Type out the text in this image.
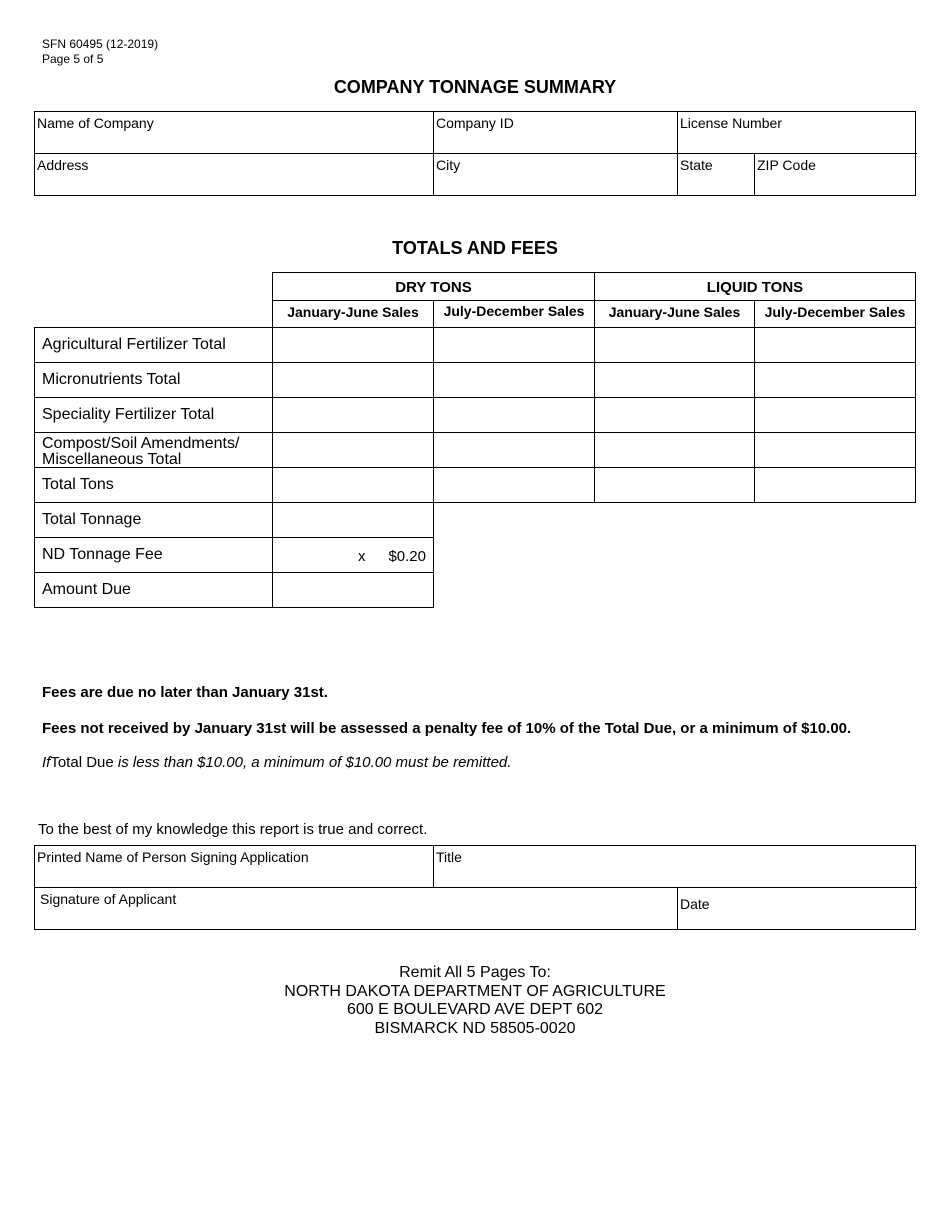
SFN 60495 (12-2019)
Page 5 of 5
COMPANY TONNAGE SUMMARY
Name of Company	Company ID	License Number
Address	City	State	ZIP Code
TOTALS AND FEES
DRY TONS	LIQUID TONS
January-June Sales	July-December Sales	January-June Sales	July-December Sales
Agricultural Fertilizer Total
Micronutrients Total
Speciality Fertilizer Total
Compost/Soil Amendments/
Miscellaneous Total
Total Tons
Total Tonnage
ND Tonnage Fee	x $0.20
Amount Due
Fees are due no later than January 31st.
Fees not received by January 31st will be assessed a penalty fee of 10% of the Total Due, or a minimum of $10.00.
IfTotal Due is less than $10.00, a minimum of $10.00 must be remitted.
To the best of my knowledge this report is true and correct.
Printed Name of Person Signing Application	Title
Signature of Applicant	Date
Remit All 5 Pages To:
NORTH DAKOTA DEPARTMENT OF AGRICULTURE
600 E BOULEVARD AVE DEPT 602
BISMARCK ND 58505-0020
